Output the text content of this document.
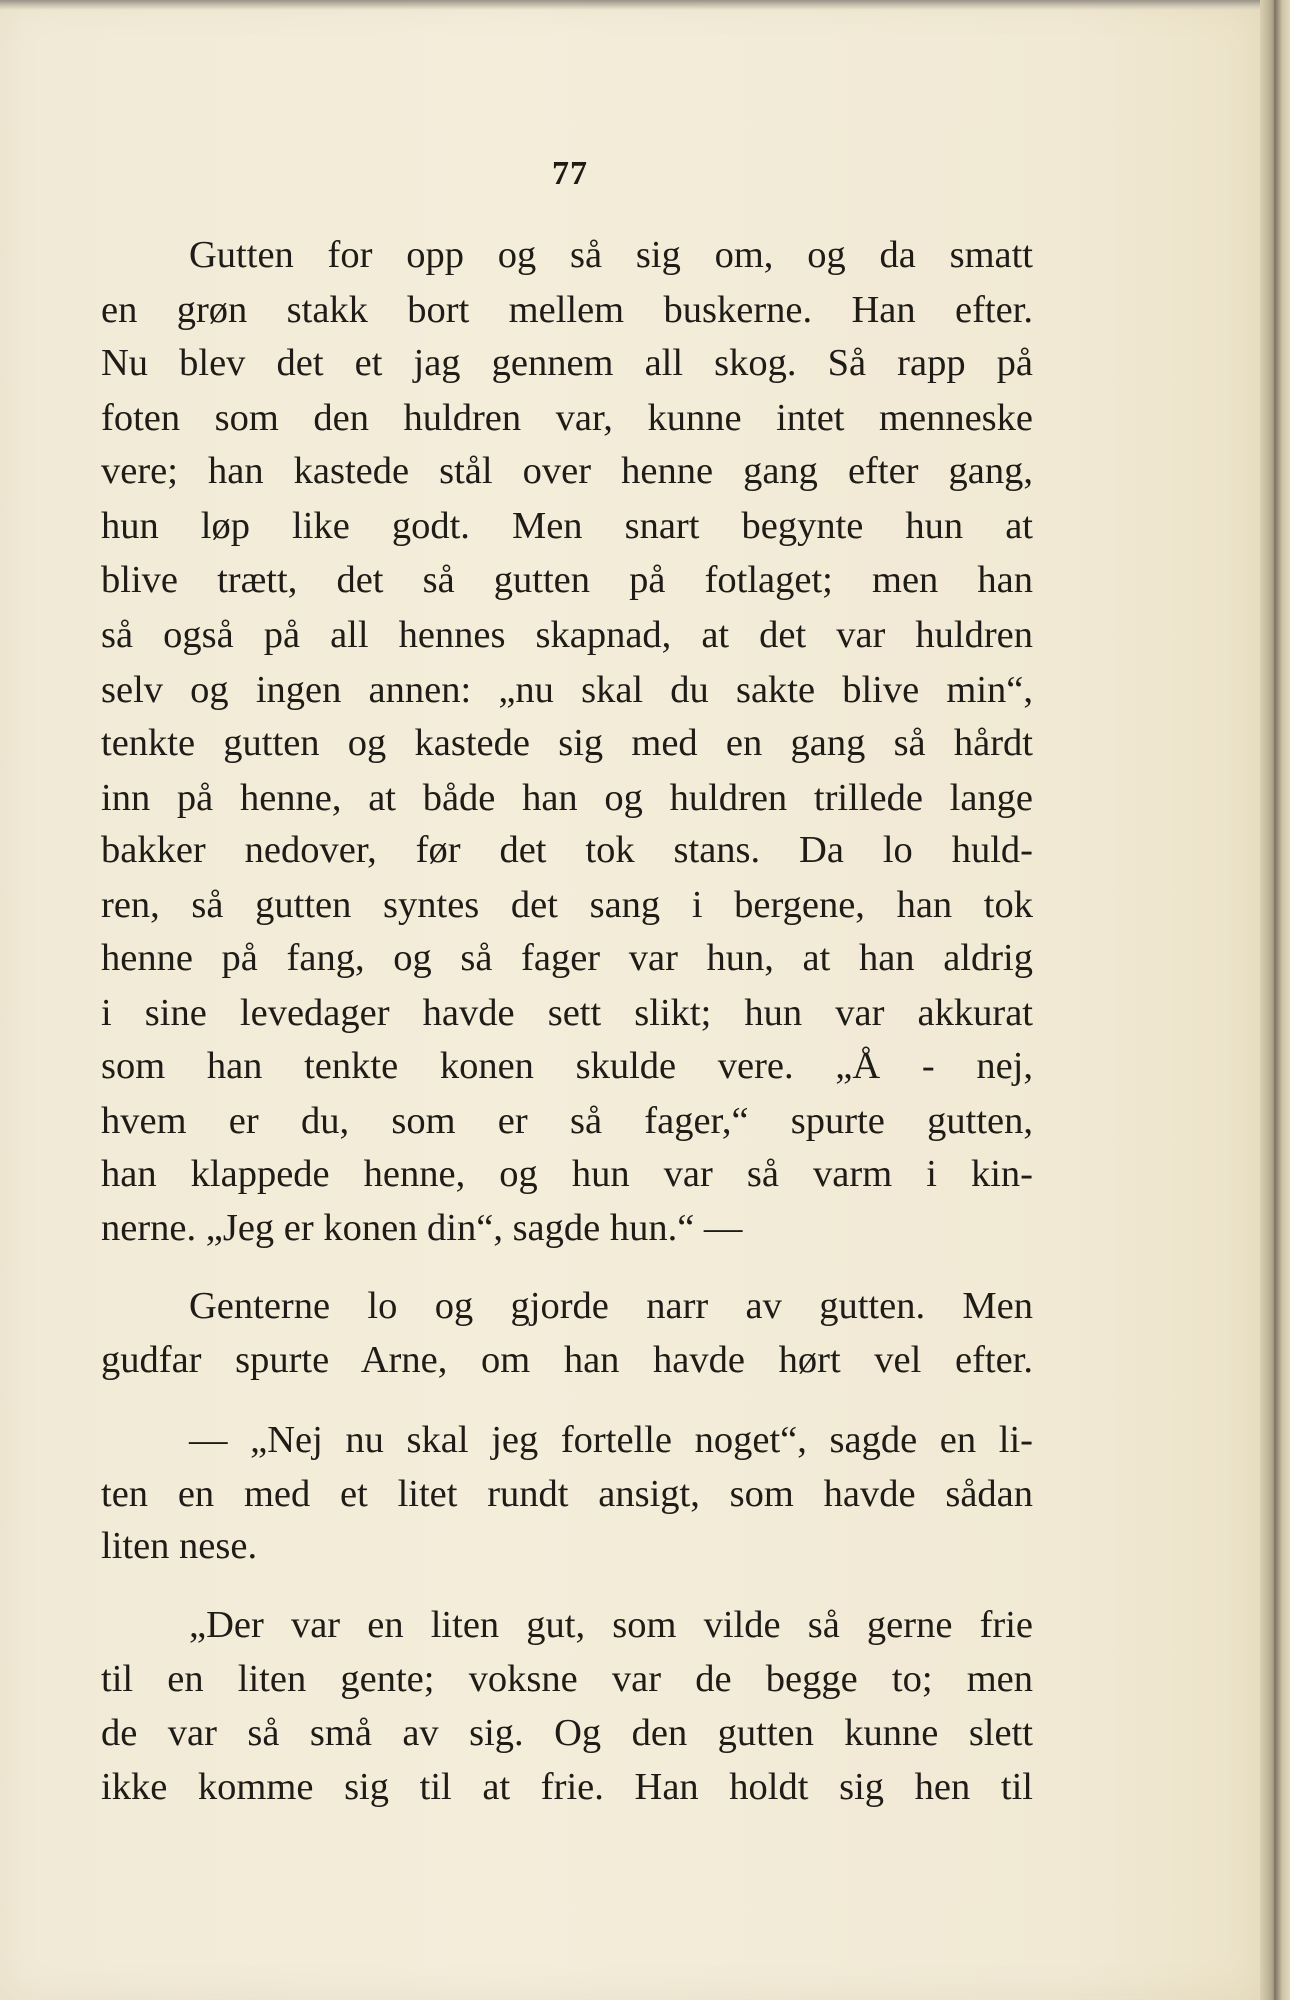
77
Gutten for opp og så sig om, og da smatt
en grøn stakk bort mellem buskerne. Han efter.
Nu blev det et jag gennem all skog. Så rapp på
foten som den huldren var, kunne intet menneske
vere; han kastede stål over henne gang efter gang,
hun løp like godt. Men snart begynte hun at
blive trætt, det så gutten på fotlaget; men han
så også på all hennes skapnad, at det var huldren
selv og ingen annen: „nu skal du sakte blive min“,
tenkte gutten og kastede sig med en gang så hårdt
inn på henne, at både han og huldren trillede lange
bakker nedover, før det tok stans. Da lo huld-
ren, så gutten syntes det sang i bergene, han tok
henne på fang, og så fager var hun, at han aldrig
i sine levedager havde sett slikt; hun var akkurat
som han tenkte konen skulde vere. „Å - nej,
hvem er du, som er så fager,“ spurte gutten,
han klappede henne, og hun var så varm i kin-
nerne. „Jeg er konen din“, sagde hun.“ —
Genterne lo og gjorde narr av gutten. Men
gudfar spurte Arne, om han havde hørt vel efter.
— „Nej nu skal jeg fortelle noget“, sagde en li-
ten en med et litet rundt ansigt, som havde sådan
liten nese.
„Der var en liten gut, som vilde så gerne frie
til en liten gente; voksne var de begge to; men
de var så små av sig. Og den gutten kunne slett
ikke komme sig til at frie. Han holdt sig hen til
